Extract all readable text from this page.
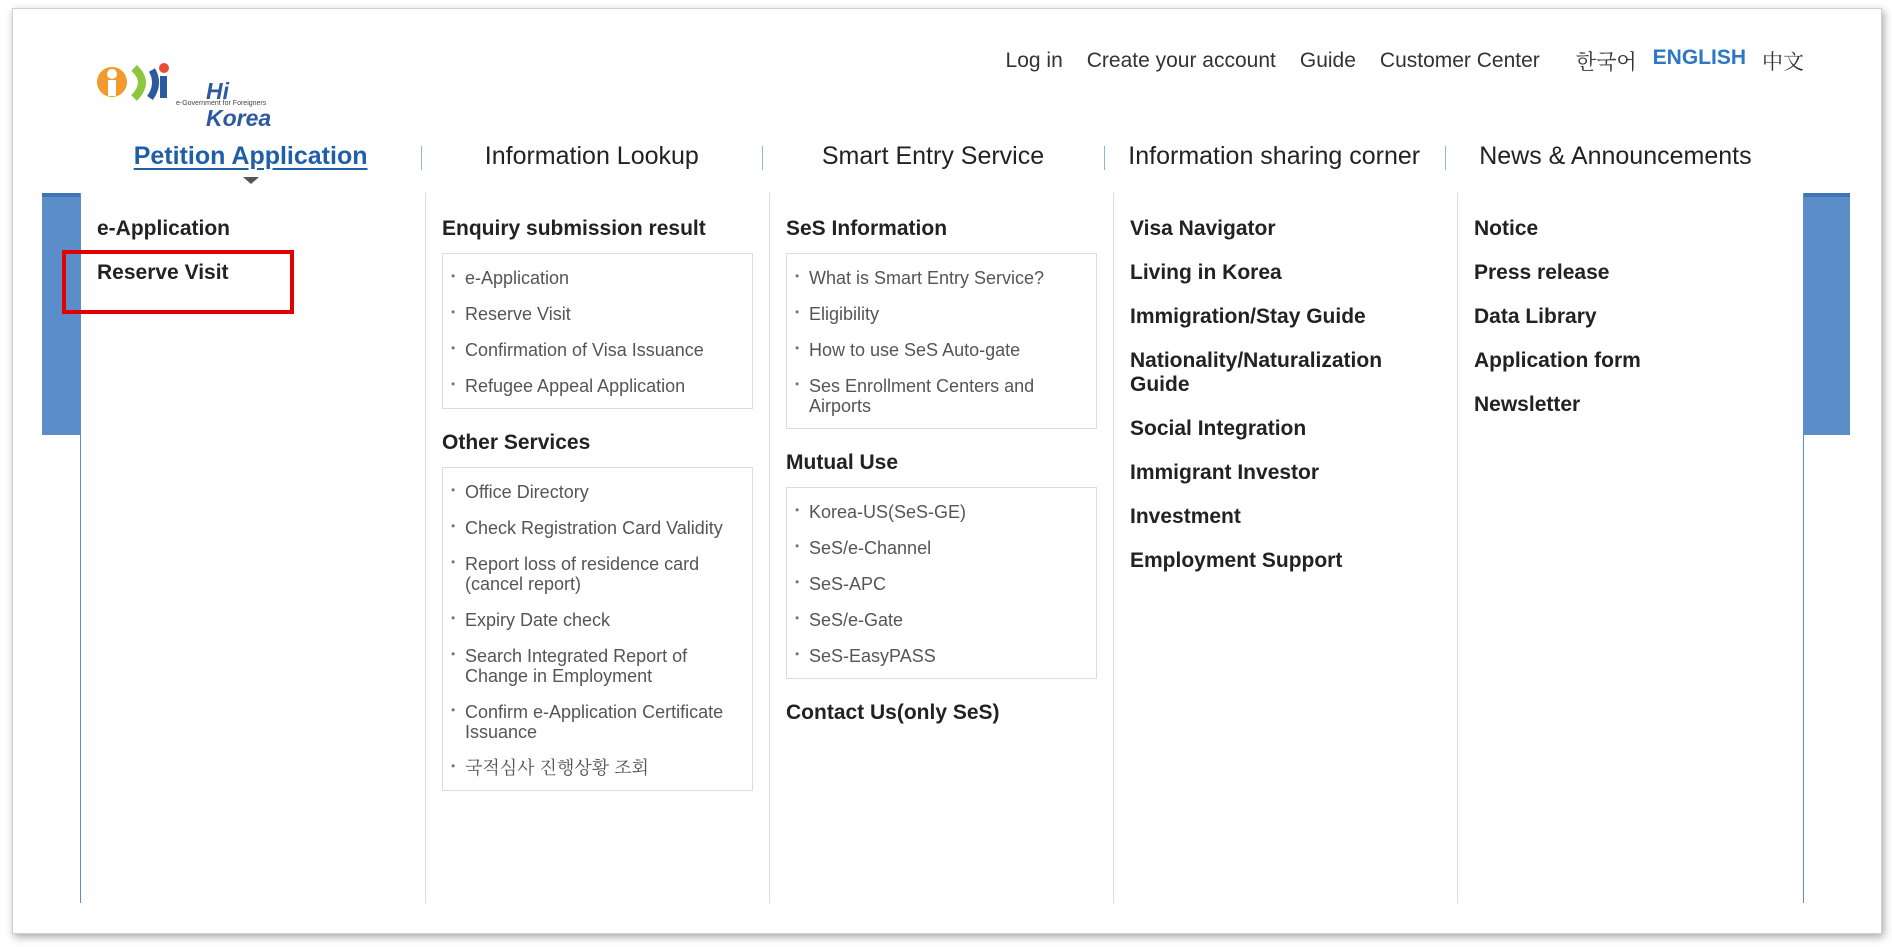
Hi Korea
e-Government for Foreigners
Log in Create your account Guide Customer Center 한국어 ENGLISH 中文
Petition Application	Information Lookup	Smart Entry Service	Information sharing corner	News & Announcements
e-Application
Reserve Visit
Enquiry submission result
• e-Application
• Reserve Visit
• Confirmation of Visa Issuance
• Refugee Appeal Application
Other Services
• Office Directory
• Check Registration Card Validity
• Report loss of residence card (cancel report)
• Expiry Date check
• Search Integrated Report of Change in Employment
• Confirm e-Application Certificate Issuance
• 국적심사 진행상황 조회
SeS Information
• What is Smart Entry Service?
• Eligibility
• How to use SeS Auto-gate
• Ses Enrollment Centers and Airports
Mutual Use
• Korea-US(SeS-GE)
• SeS/e-Channel
• SeS-APC
• SeS/e-Gate
• SeS-EasyPASS
Contact Us(only SeS)
Visa Navigator
Living in Korea
Immigration/Stay Guide
Nationality/Naturalization Guide
Social Integration
Immigrant Investor
Investment
Employment Support
Notice
Press release
Data Library
Application form
Newsletter
